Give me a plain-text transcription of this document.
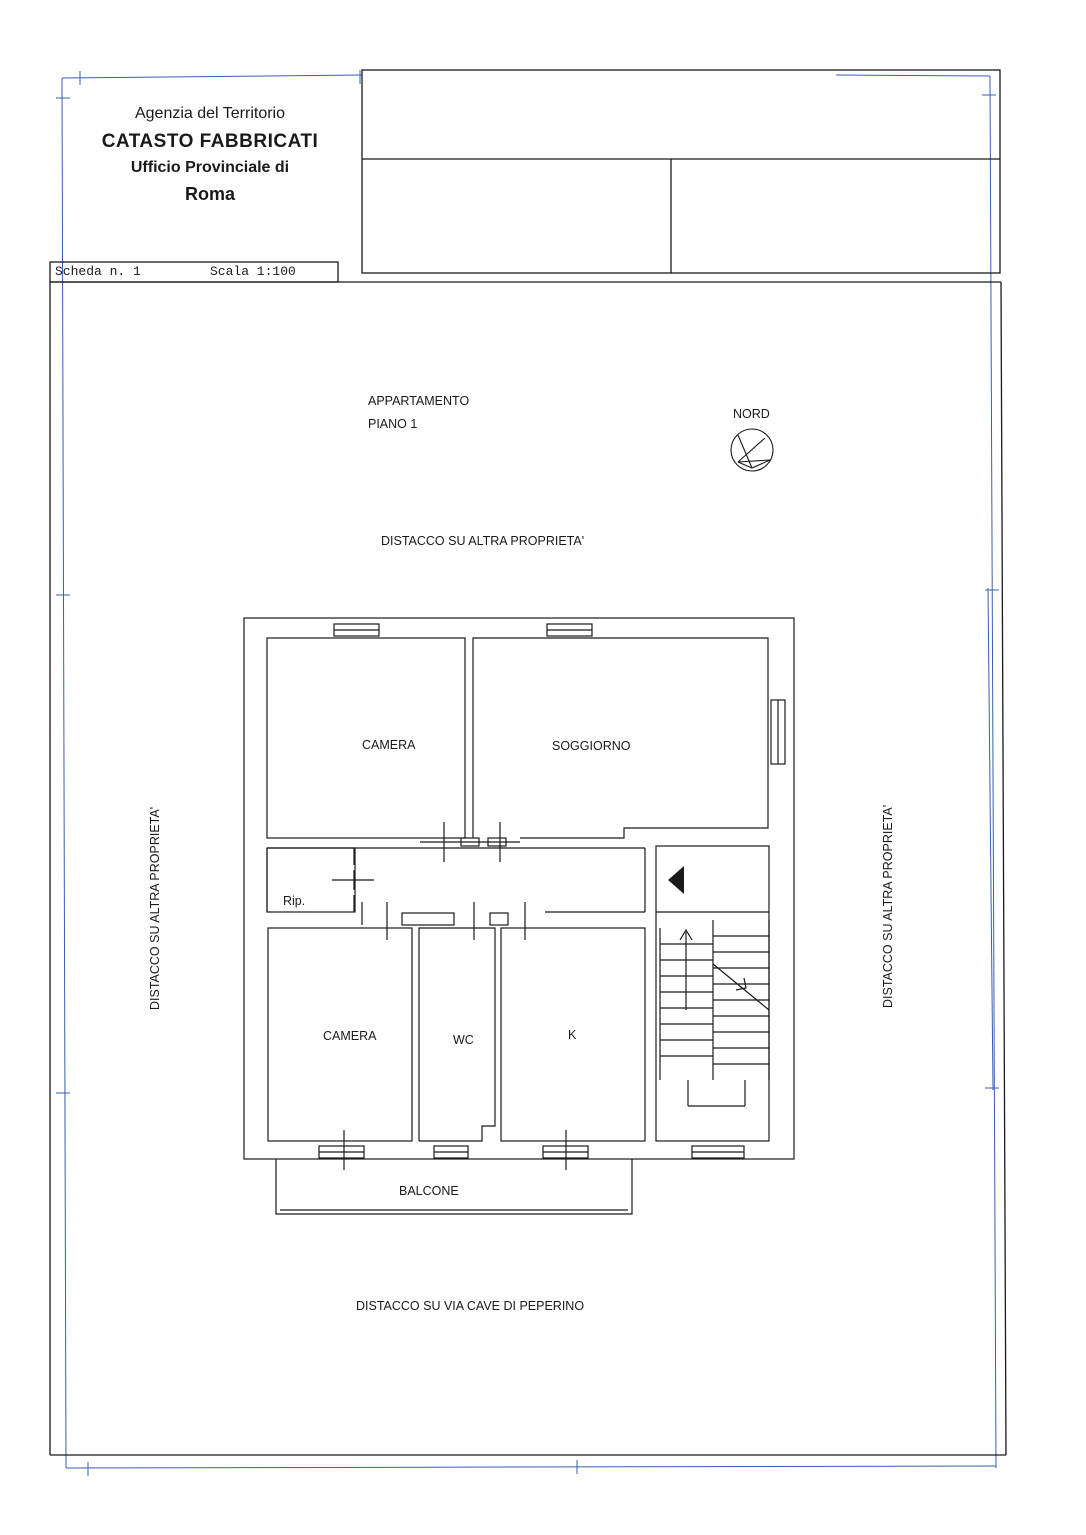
Agenzia del Territorio
CATASTO FABBRICATI
Ufficio Provinciale di
Roma
Scheda n. 1	Scala 1:100
APPARTAMENTO
PIANO 1
NORD
DISTACCO SU ALTRA PROPRIETA'
DISTACCO SU VIA CAVE DI PEPERINO
DISTACCO SU ALTRA PROPRIETA'	DISTACCO SU ALTRA PROPRIETA'
CAMERA	SOGGIORNO
Rip.
CAMERA	WC	K
BALCONE
